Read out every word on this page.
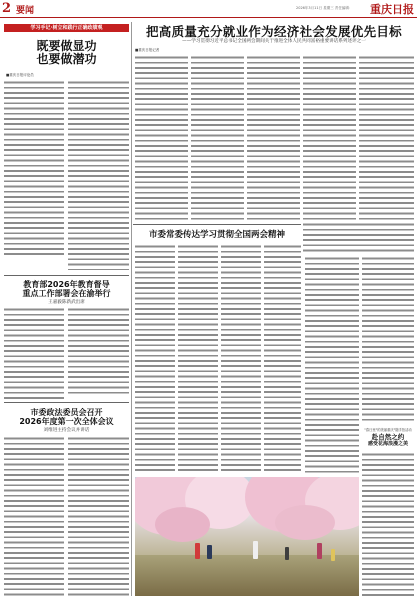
2 要闻	2026年3月11日 星期三 责任编辑： 重庆日报
学习手记·树立和践行正确政绩观
既要做显功
也要做潜功
■重庆日报评论员
教育部2026年教育督导
重点工作部署会在渝举行
王嘉毅陈新武出席
市委政法委员会召开
2026年度第一次全体会议
刘维进主持会议并讲话
把高质量充分就业作为经济社会发展优先目标
——学习贯彻习近平总书记全国两会期间关于推进全体人民共同富裕重要讲话系列述评之一
■重庆日报记者
市委常委传达学习贯彻全国两会精神
"春日里"的美丽重庆"随手拍活动
赴自然之约
感受花海浪漫之美
